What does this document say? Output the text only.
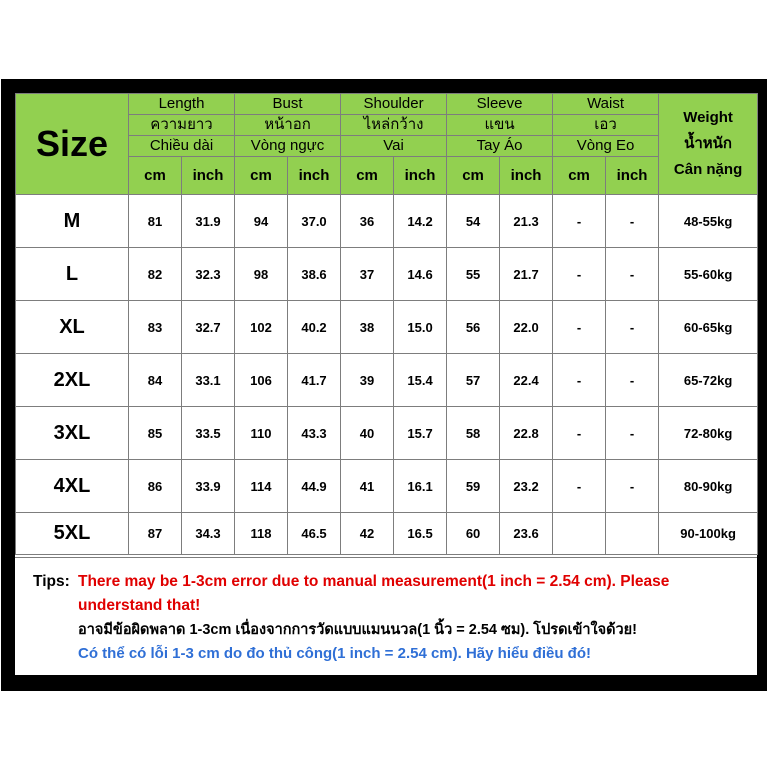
Size	Length		Bust		Shoulder		Sleeve		Waist		Weight
น้ำหนัก
Cân nặng

	ความยาว		หน้าอก		ไหล่กว้าง		แขน		เอว		
	Chiều dài		Vòng ngực		Vai		Tay Áo		Vòng Eo		
	cm	inch	cm	inch	cm	inch	cm	inch	cm	inch	
M	81	31.9	94	37.0	36	14.2	54	21.3	-	-	48-55kg
L	82	32.3	98	38.6	37	14.6	55	21.7	-	-	55-60kg
XL	83	32.7	102	40.2	38	15.0	56	22.0	-	-	60-65kg
2XL	84	33.1	106	41.7	39	15.4	57	22.4	-	-	65-72kg
3XL	85	33.5	110	43.3	40	15.7	58	22.8	-	-	72-80kg
4XL	86	33.9	114	44.9	41	16.1	59	23.2	-	-	80-90kg
5XL	87	34.3	118	46.5	42	16.5	60	23.6			90-100kg
Tips: There may be 1-3cm error due to manual measurement(1 inch = 2.54 cm). Please
understand that!
อาจมีข้อผิดพลาด 1-3cm เนื่องจากการวัดแบบแมนนวล(1 นิ้ว = 2.54 ซม). โปรดเข้าใจด้วย!
Có thể có lỗi 1-3 cm do đo thủ công(1 inch = 2.54 cm). Hãy hiểu điều đó!
